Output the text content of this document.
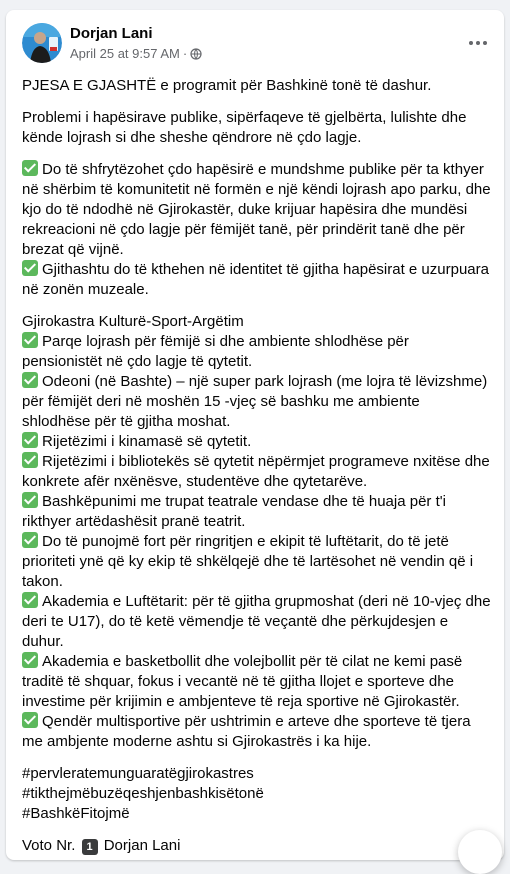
Dorjan Lani
April 25 at 9:57 AM ·

PJESA E GJASHTË e programit për Bashkinë tonë të dashur.

Problemi i hapësirave publike, sipërfaqeve të gjelbërta, lulishte dhe kënde lojrash si dhe sheshe qëndrore në çdo lagje.

Do të shfrytëzohet çdo hapësirë e mundshme publike për ta kthyer në shërbim të komunitetit në formën e një këndi lojrash apo parku, dhe kjo do të ndodhë në Gjirokastër, duke krijuar hapësira dhe mundësi rekreacioni në çdo lagje për fëmijët tanë, për prindërit tanë dhe për brezat që vijnë.

Gjithashtu do të kthehen në identitet të gjitha hapësirat e uzurpuara në zonën muzeale.

Gjirokastra Kulturë-Sport-Argëtim

Parqe lojrash për fëmijë si dhe ambiente shlodhëse për pensionistët në çdo lagje të qytetit.

Odeoni (në Bashte) – një super park lojrash (me lojra të lëvizshme) për fëmijët deri në moshën 15 -vjeç së bashku me ambiente shlodhëse për të gjitha moshat.

Rijetëzimi i kinamasë së qytetit.

Rijetëzimi i bibliotekës së qytetit nëpërmjet programeve nxitëse dhe konkrete afër nxënësve, studentëve dhe qytetarëve.

Bashkëpunimi me trupat teatrale vendase dhe të huaja për t'i rikthyer artëdashësit pranë teatrit.

Do të punojmë fort për ringritjen e ekipit të luftëtarit, do të jetë prioriteti ynë që ky ekip të shkëlqejë dhe të lartësohet në vendin që i takon.

Akademia e Luftëtarit: për të gjitha grupmoshat (deri në 10-vjeç dhe deri te U17), do të ketë vëmendje të veçantë dhe përkujdesjen e duhur.

Akademia e basketbollit dhe volejbollit për të cilat ne kemi pasë traditë të shquar, fokus i vecantë në të gjitha llojet e sporteve dhe investime për krijimin e ambjenteve të reja sportive në Gjirokastër.

Qendër multisportive për ushtrimin e arteve dhe sporteve të tjera me ambjente moderne ashtu si Gjirokastrës i ka hije.

#pervleratemunguaratëgjirokastres

#tikthejmëbuzëqeshjenbashkisëtonë

#BashkëFitojmë

Voto Nr. 1 Dorjan Lani
